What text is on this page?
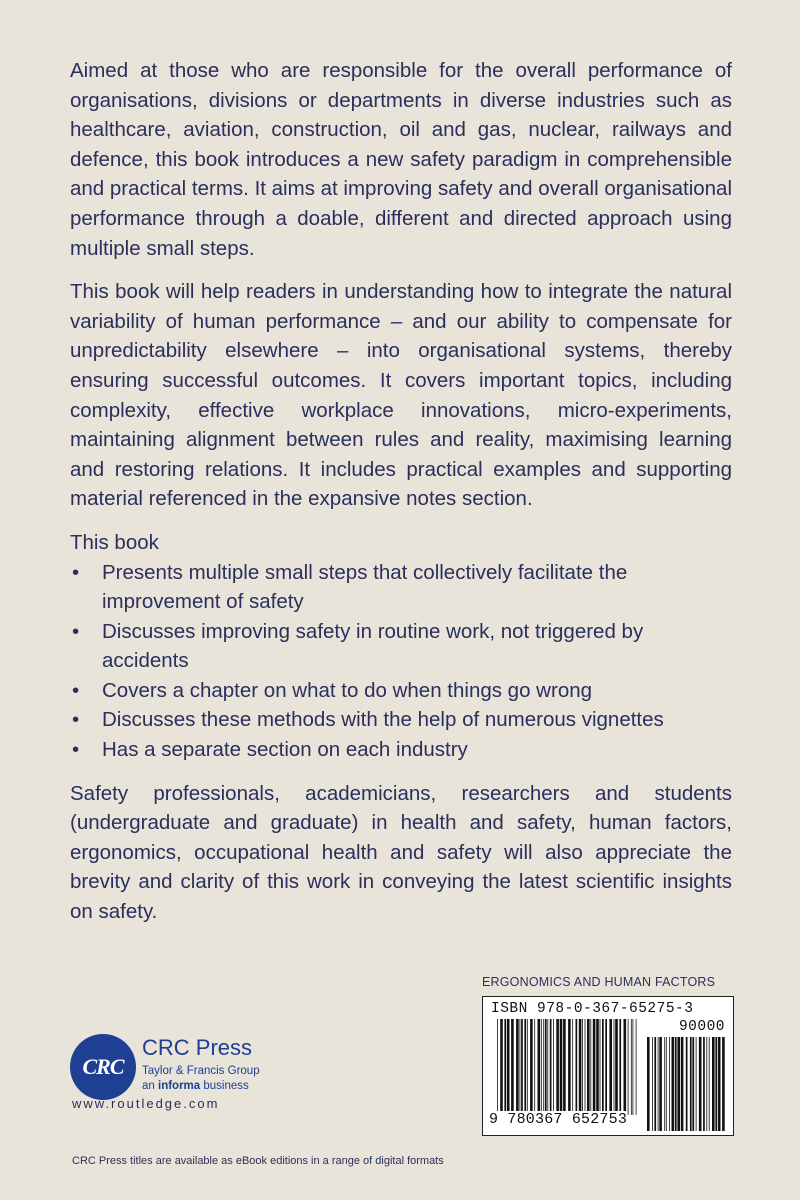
Aimed at those who are responsible for the overall performance of organisations, divisions or departments in diverse industries such as healthcare, aviation, construction, oil and gas, nuclear, railways and defence, this book introduces a new safety paradigm in comprehensible and practical terms. It aims at improving safety and overall organisational performance through a doable, different and directed approach using multiple small steps.

This book will help readers in understanding how to integrate the natural variability of human performance – and our ability to compensate for unpredictability elsewhere – into organisational systems, thereby ensuring successful outcomes. It covers important topics, including complexity, effective workplace innovations, micro-experiments, maintaining alignment between rules and reality, maximising learning and restoring relations. It includes practical examples and supporting material referenced in the expansive notes section.

This book

• Presents multiple small steps that collectively facilitate the improvement of safety
• Discusses improving safety in routine work, not triggered by accidents
• Covers a chapter on what to do when things go wrong
• Discusses these methods with the help of numerous vignettes
• Has a separate section on each industry

Safety professionals, academicians, researchers and students (undergraduate and graduate) in health and safety, human factors, ergonomics, occupational health and safety will also appreciate the brevity and clarity of this work in conveying the latest scientific insights on safety.

CRC
CRC Press
Taylor & Francis Group
an informa business
www.routledge.com
CRC Press titles are available as eBook editions in a range of digital formats
ERGONOMICS AND HUMAN FACTORS
ISBN 978-0-367-65275-3
90000
9 780367 652753
